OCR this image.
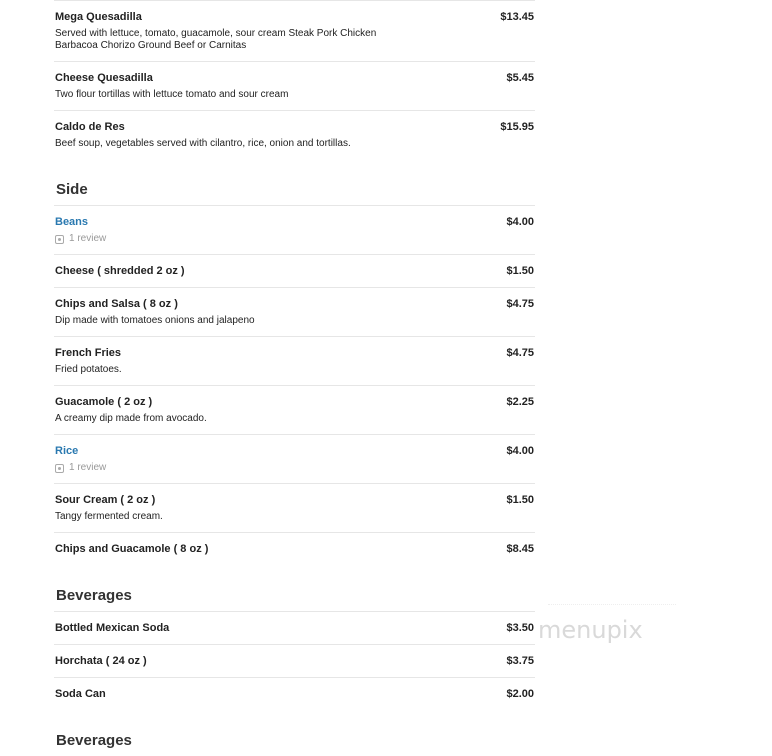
Mega Quesadilla	$13.45
Served with lettuce, tomato, guacamole, sour cream Steak Pork Chicken Barbacoa Chorizo Ground Beef or Carnitas
Cheese Quesadilla	$5.45
Two flour tortillas with lettuce tomato and sour cream
Caldo de Res	$15.95
Beef soup, vegetables served with cilantro, rice, onion and tortillas.
Side
Beans	$4.00
1 review
Cheese ( shredded 2 oz )	$1.50
Chips and Salsa ( 8 oz )	$4.75
Dip made with tomatoes onions and jalapeno
French Fries	$4.75
Fried potatoes.
Guacamole ( 2 oz )	$2.25
A creamy dip made from avocado.
Rice	$4.00
1 review
Sour Cream ( 2 oz )	$1.50
Tangy fermented cream.
Chips and Guacamole ( 8 oz )	$8.45
Beverages
Bottled Mexican Soda	$3.50
Horchata ( 24 oz )	$3.75
Soda Can	$2.00
Beverages
menupix
